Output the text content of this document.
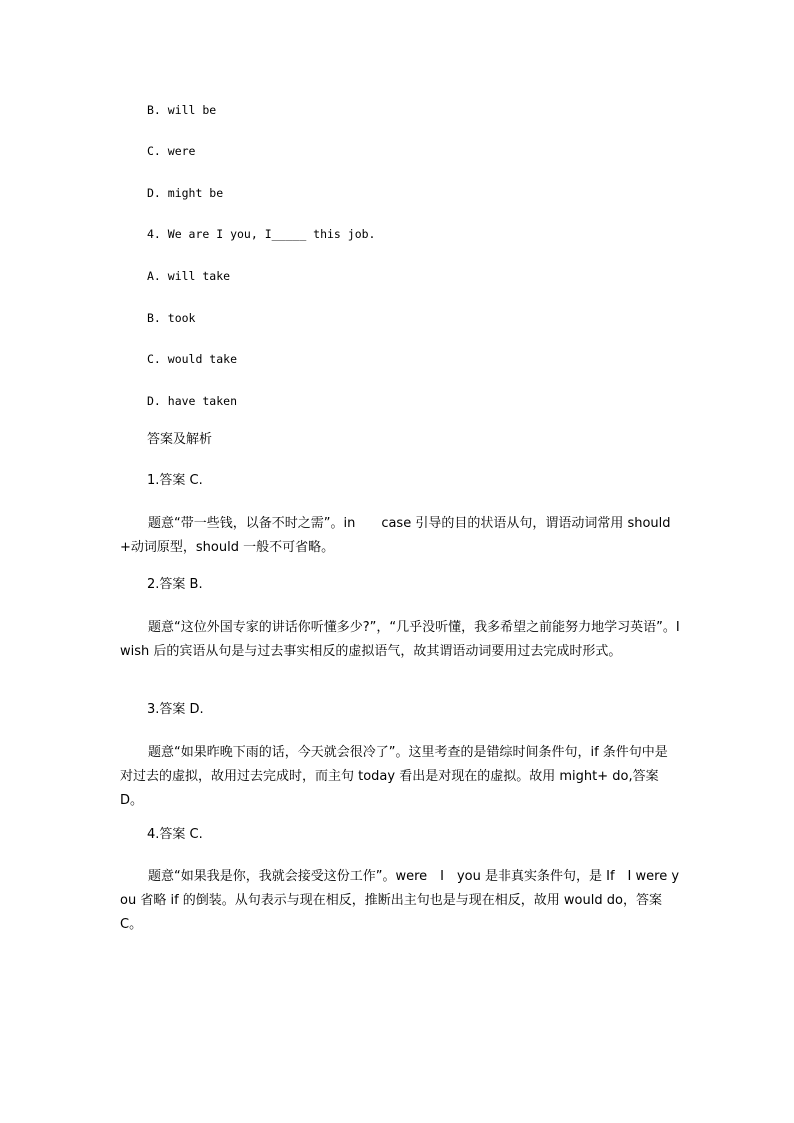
B. will be
C. were
D. might be
4. We are I you, I_____ this job.
A. will take
B. took
C. would take
D. have taken
答案及解析
1.答案 C.
题意“带一些钱，以备不时之需”。in　　case 引导的目的状语从句，谓语动词常用 should+动词原型，should 一般不可省略。
2.答案 B.
题意“这位外国专家的讲话你听懂多少?”，“几乎没听懂，我多希望之前能努力地学习英语”。I　wish 后的宾语从句是与过去事实相反的虚拟语气，故其谓语动词要用过去完成时形式。
3.答案 D.
题意“如果昨晚下雨的话，今天就会很冷了”。这里考查的是错综时间条件句，if 条件句中是对过去的虚拟，故用过去完成时，而主句 today 看出是对现在的虚拟。故用 might+ do,答案 D。
4.答案 C.
题意“如果我是你，我就会接受这份工作”。were　I　you 是非真实条件句，是 If　I were you 省略 if 的倒装。从句表示与现在相反，推断出主句也是与现在相反，故用 would do，答案 C。
